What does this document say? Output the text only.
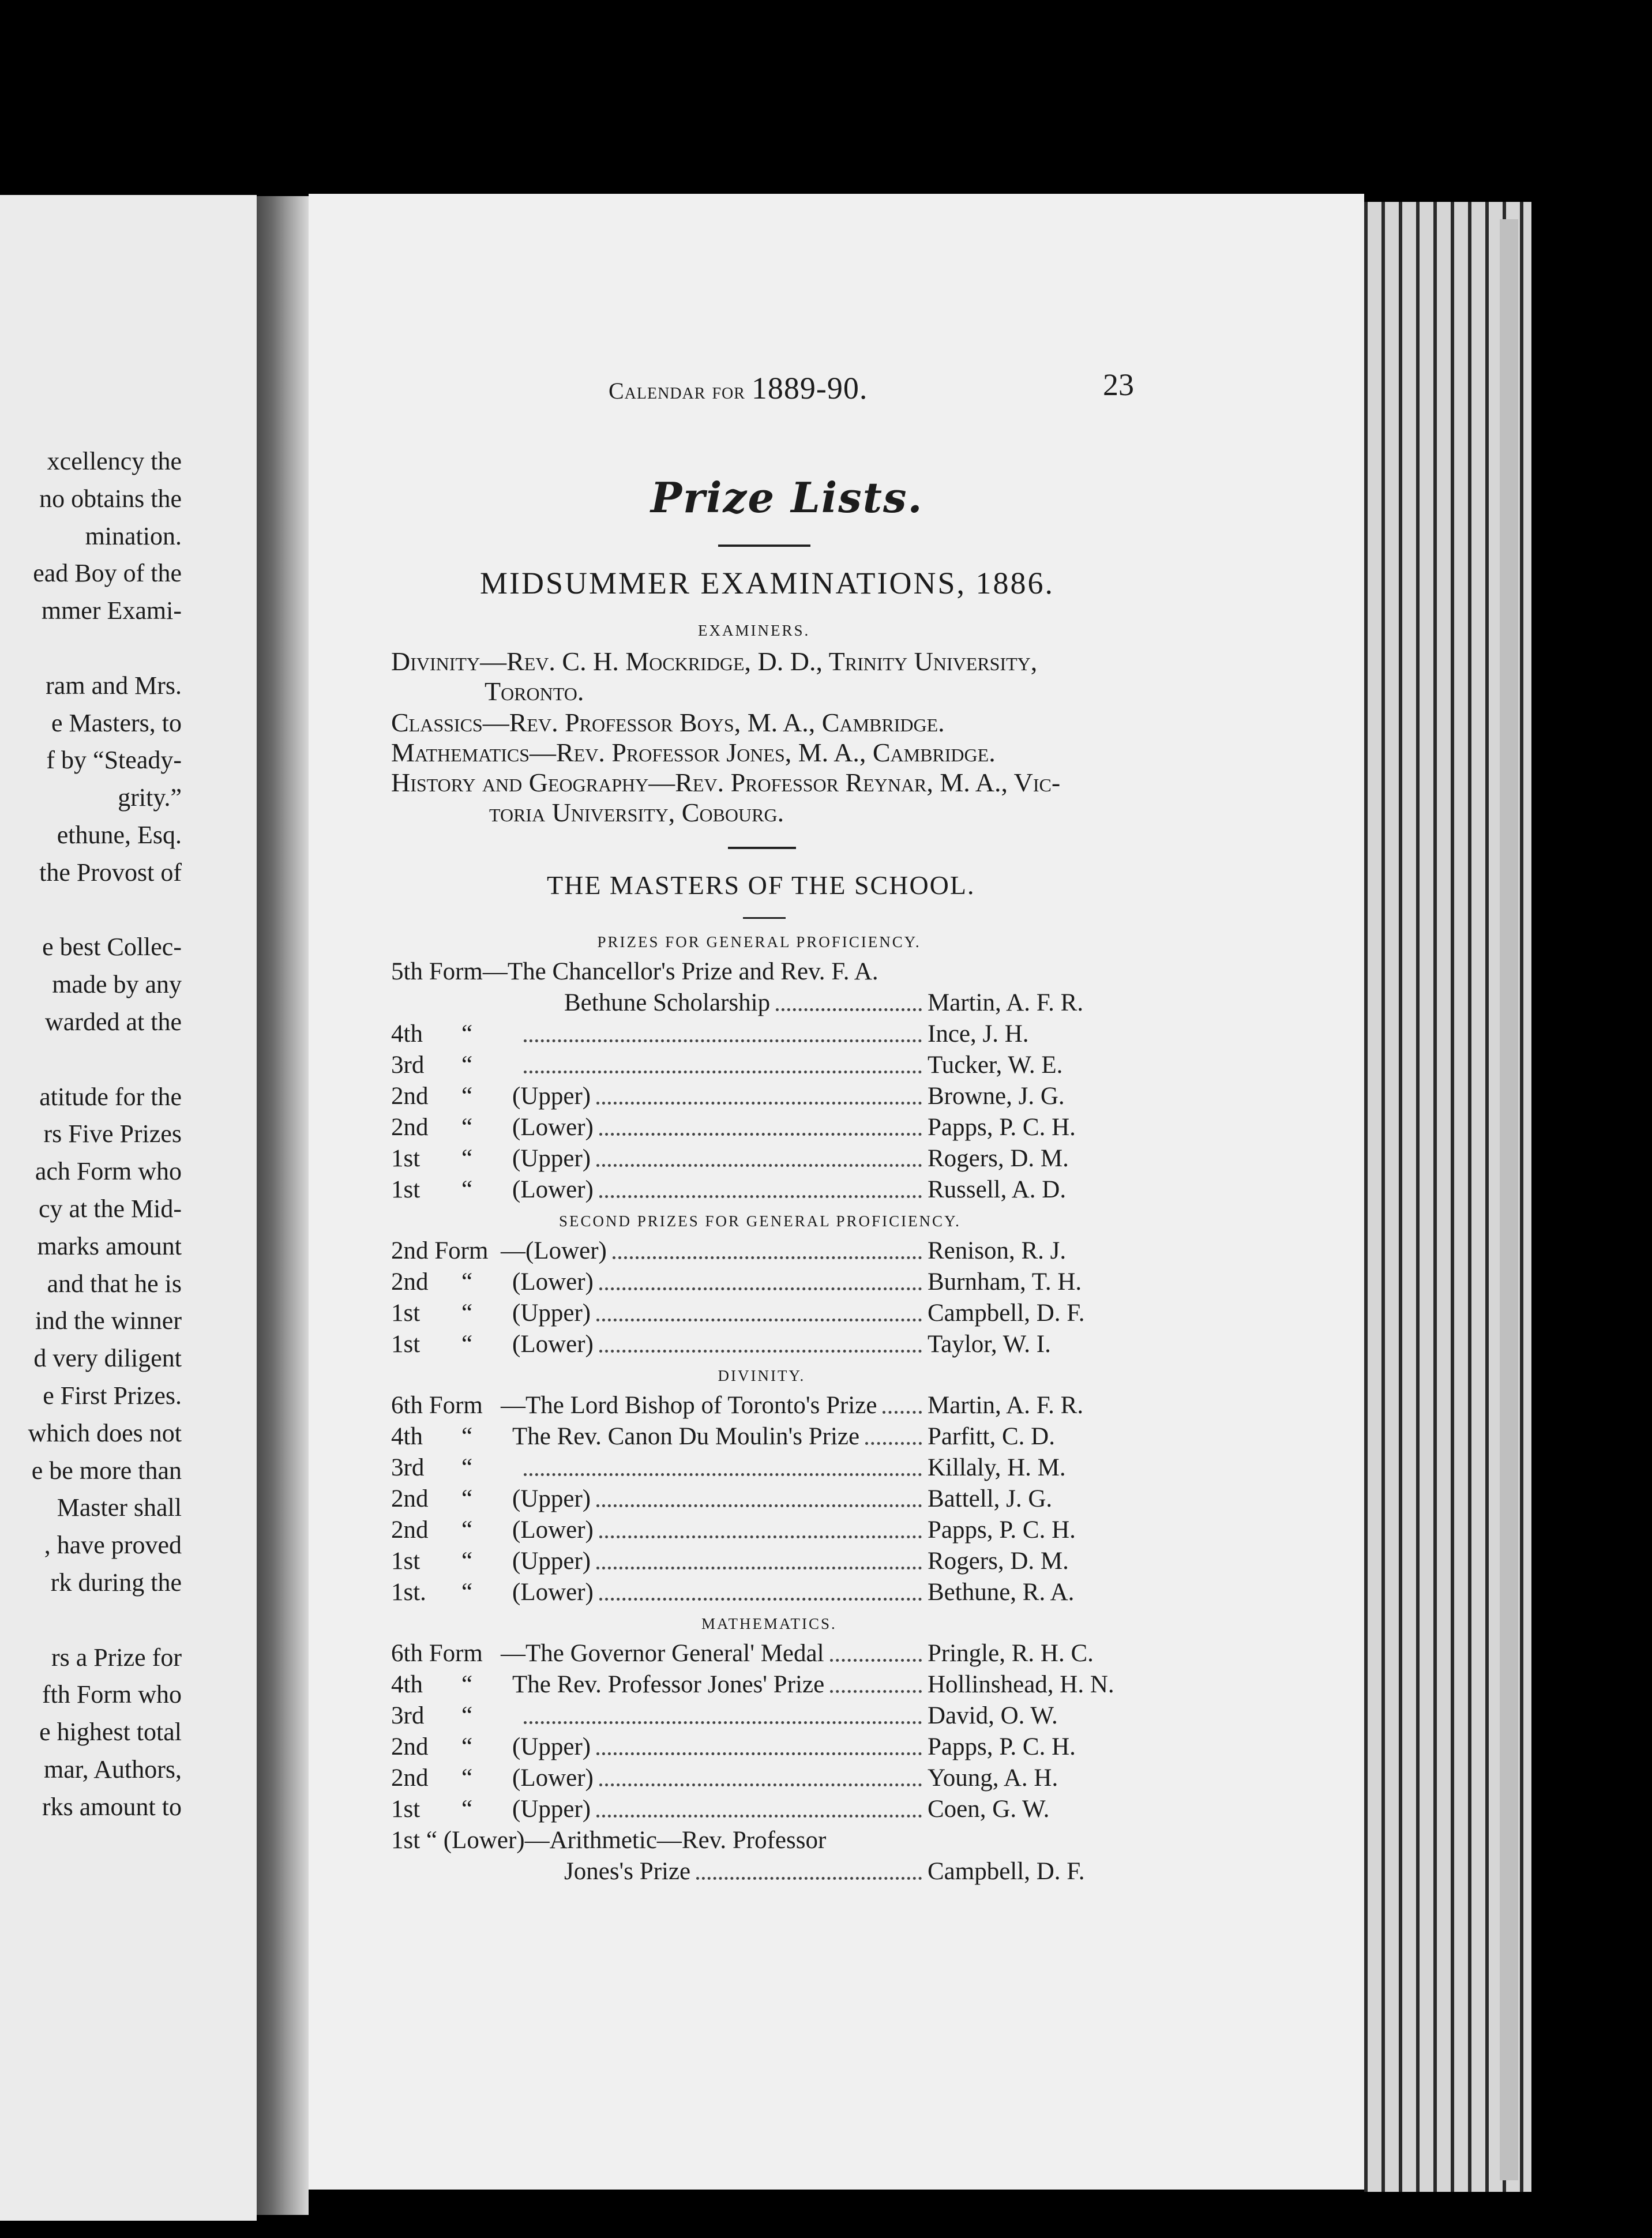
xcellency the
no obtains the
mination.
ead Boy of the
mmer Exami-
ram and Mrs.
e Masters, to
f by “Steady-
grity.”
ethune, Esq.
the Provost of
e best Collec-
made by any
warded at the
atitude for the
rs Five Prizes
ach Form who
cy at the Mid-
marks amount
and that he is
ind the winner
d very diligent
e First Prizes.
which does not
e be more than
Master shall
, have proved
rk during the
rs a Prize for
fth Form who
e highest total
mar, Authors,
rks amount to
Calendar for 1889-90.	23
Prize Lists.
MIDSUMMER EXAMINATIONS, 1886.
EXAMINERS.
Divinity—Rev. C. H. Mockridge, D. D., Trinity University,
Toronto.
Classics—Rev. Professor Boys, M. A., Cambridge.
Mathematics—Rev. Professor Jones, M. A., Cambridge.
History and Geography—Rev. Professor Reynar, M. A., Vic-
toria University, Cobourg.
THE MASTERS OF THE SCHOOL.
PRIZES FOR GENERAL PROFICIENCY.
5th Form—The Chancellor's Prize and Rev. F. A.
Bethune Scholarship	Martin, A. F. R.
4th “	Ince, J. H.
3rd “	Tucker, W. E.
2nd “ (Upper)	Browne, J. G.
2nd “ (Lower)	Papps, P. C. H.
1st “ (Upper)	Rogers, D. M.
1st “ (Lower)	Russell, A. D.
SECOND PRIZES FOR GENERAL PROFICIENCY.
2nd Form —(Lower)	Renison, R. J.
2nd “ (Lower)	Burnham, T. H.
1st “ (Upper)	Campbell, D. F.
1st “ (Lower)	Taylor, W. I.
DIVINITY.
6th Form —The Lord Bishop of Toronto's Prize Martin, A. F. R.
4th “ The Rev. Canon Du Moulin's Prize	Parfitt, C. D.
3rd “	Killaly, H. M.
2nd “ (Upper)	Battell, J. G.
2nd “ (Lower)	Papps, P. C. H.
1st “ (Upper)	Rogers, D. M.
1st. “ (Lower)	Bethune, R. A.
MATHEMATICS.
6th Form —The Governor General' Medal	Pringle, R. H. C.
4th “ The Rev. Professor Jones' Prize	Hollinshead, H. N.
3rd “	David, O. W.
2nd “ (Upper)	Papps, P. C. H.
2nd “ (Lower)	Young, A. H.
1st “ (Upper)	Coen, G. W.
1st “ (Lower)—Arithmetic—Rev. Professor
Jones's Prize	Campbell, D. F.
